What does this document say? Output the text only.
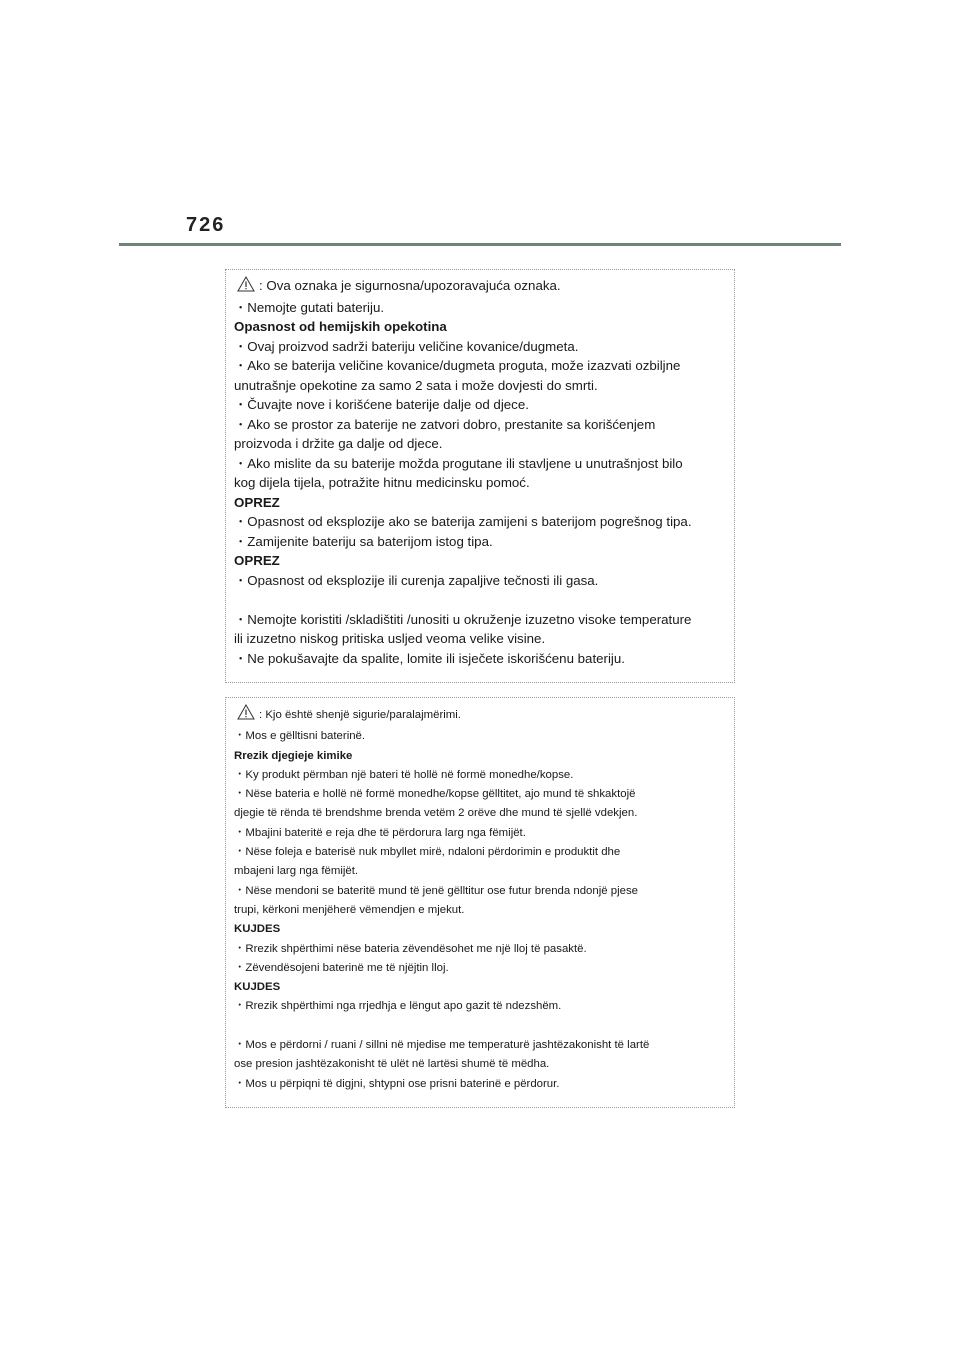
726
: Ova oznaka je sigurnosna/upozoravajuća oznaka.
・Nemojte gutati bateriju.
Opasnost od hemijskih opekotina
・Ovaj proizvod sadrži bateriju veličine kovanice/dugmeta.
・Ako se baterija veličine kovanice/dugmeta proguta, može izazvati ozbiljne
unutrašnje opekotine za samo 2 sata i može dovjesti do smrti.
・Čuvajte nove i korišćene baterije dalje od djece.
・Ako se prostor za baterije ne zatvori dobro, prestanite sa korišćenjem
proizvoda i držite ga dalje od djece.
・Ako mislite da su baterije možda progutane ili stavljene u unutrašnjost bilo
kog dijela tijela, potražite hitnu medicinsku pomoć.
OPREZ
・Opasnost od eksplozije ako se baterija zamijeni s baterijom pogrešnog tipa.
・Zamijenite bateriju sa baterijom istog tipa.
OPREZ
・Opasnost od eksplozije ili curenja zapaljive tečnosti ili gasa.
・Nemojte koristiti /skladištiti /unositi u okruženje izuzetno visoke temperature
ili izuzetno niskog pritiska usljed veoma velike visine.
・Ne pokušavajte da spalite, lomite ili isječete iskorišćenu bateriju.
: Kjo është shenjë sigurie/paralajmërimi.
・Mos e gëlltisni baterinë.
Rrezik djegieje kimike
・Ky produkt përmban një bateri të hollë në formë monedhe/kopse.
・Nëse bateria e hollë në formë monedhe/kopse gëlltitet, ajo mund të shkaktojë
djegie të rënda të brendshme brenda vetëm 2 orëve dhe mund të sjellë vdekjen.
・Mbajini bateritë e reja dhe të përdorura larg nga fëmijët.
・Nëse foleja e baterisë nuk mbyllet mirë, ndaloni përdorimin e produktit dhe
mbajeni larg nga fëmijët.
・Nëse mendoni se bateritë mund të jenë gëlltitur ose futur brenda ndonjë pjese
trupi, kërkoni menjëherë vëmendjen e mjekut.
KUJDES
・Rrezik shpërthimi nëse bateria zëvendësohet me një lloj të pasaktë.
・Zëvendësojeni baterinë me të njëjtin lloj.
KUJDES
・Rrezik shpërthimi nga rrjedhja e lëngut apo gazit të ndezshëm.
・Mos e përdorni / ruani / sillni në mjedise me temperaturë jashtëzakonisht të lartë
ose presion jashtëzakonisht të ulët në lartësi shumë të mëdha.
・Mos u përpiqni të digjni, shtypni ose prisni baterinë e përdorur.
